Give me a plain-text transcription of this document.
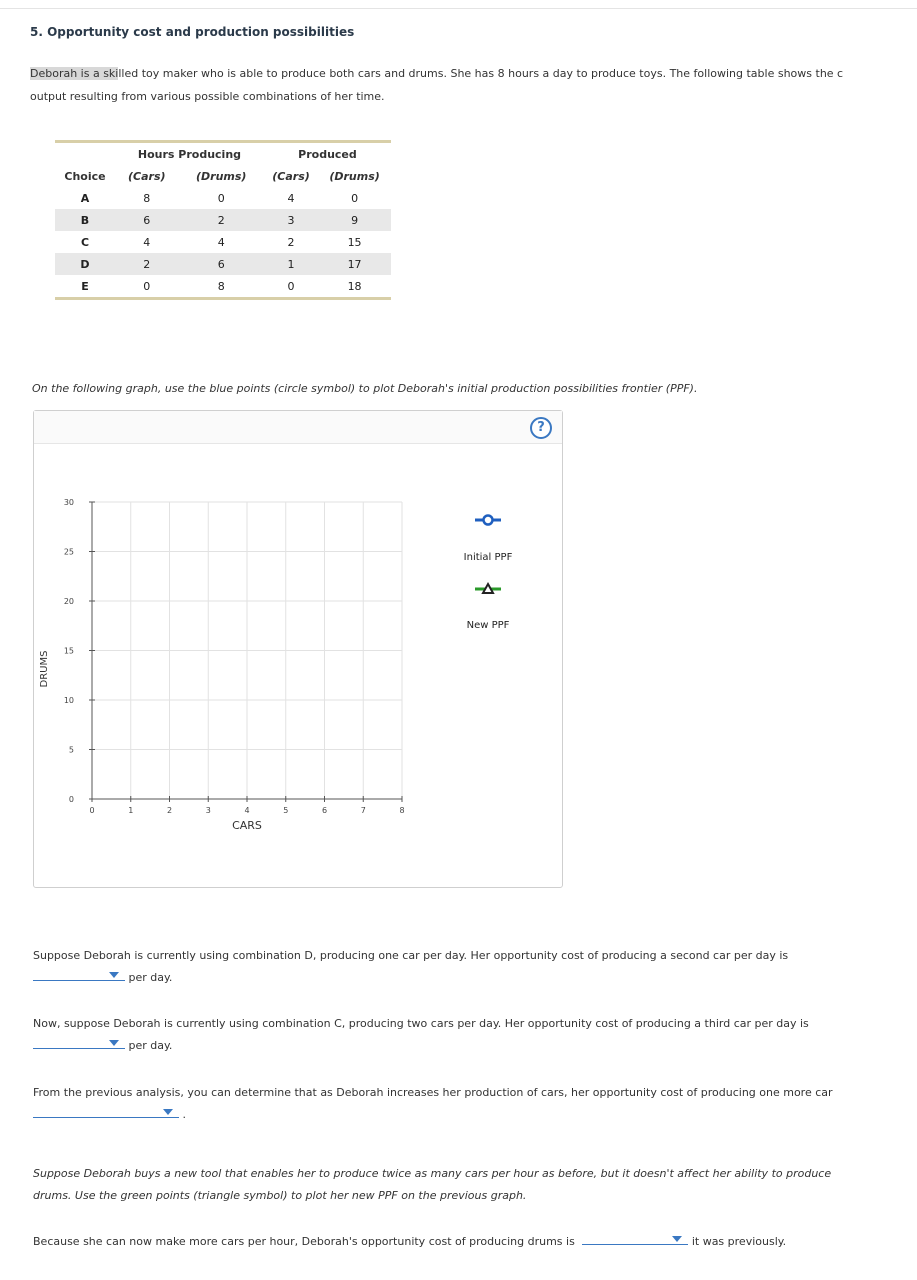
5. Opportunity cost and production possibilities
Deborah is a skilled toy maker who is able to produce both cars and drums. She has 8 hours a day to produce toys. The following table shows the c
output resulting from various possible combinations of her time.
	Hours Producing		Produced	
Choice	(Cars)	(Drums)	(Cars)	(Drums)
A	8	0	4	0
B	6	2	3	9
C	4	4	2	15
D	2	6	1	17
E	0	8	0	18
On the following graph, use the blue points (circle symbol) to plot Deborah's initial production possibilities frontier (PPF).
?
0	1	2	3	4	5	6	7	8
0
5
10
15
20
25
30
CARS
DRUMS
Initial PPF
New PPF
Suppose Deborah is currently using combination D, producing one car per day. Her opportunity cost of producing a second car per day is

per day.
Now, suppose Deborah is currently using combination C, producing two cars per day. Her opportunity cost of producing a third car per day is

per day.
From the previous analysis, you can determine that as Deborah increases her production of cars, her opportunity cost of producing one more car

.
Suppose Deborah buys a new tool that enables her to produce twice as many cars per hour as before, but it doesn't affect her ability to produce
drums. Use the green points (triangle symbol) to plot her new PPF on the previous graph.
Because she can now make more cars per hour, Deborah's opportunity cost of producing drums is	it was previously.
